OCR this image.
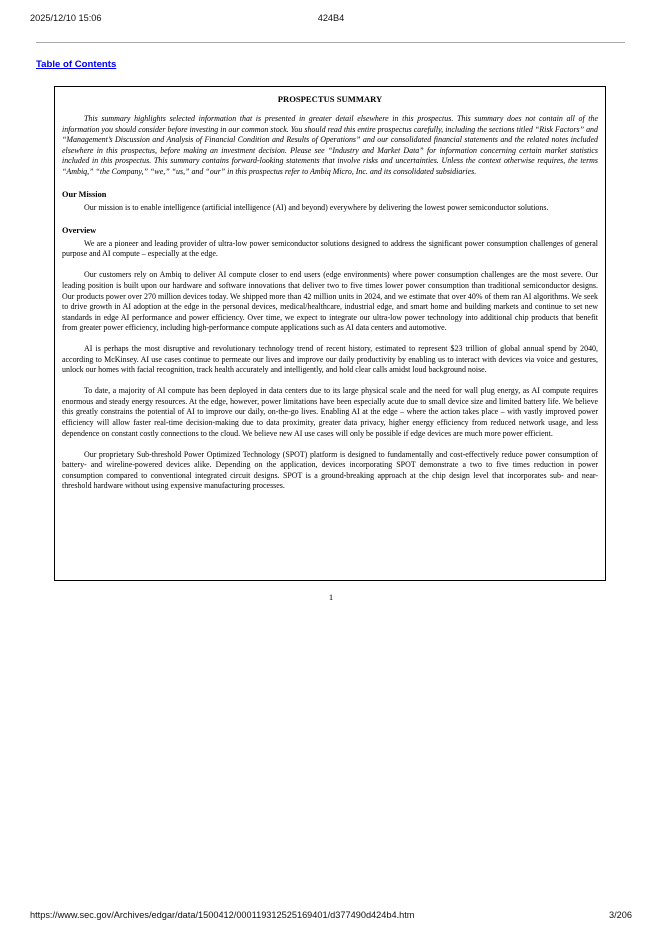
2025/12/10 15:06	424B4
Table of Contents
PROSPECTUS SUMMARY

This summary highlights selected information that is presented in greater detail elsewhere in this prospectus. This summary does not contain all of the information you should consider before investing in our common stock. You should read this entire prospectus carefully, including the sections titled “Risk Factors” and “Management’s Discussion and Analysis of Financial Condition and Results of Operations” and our consolidated financial statements and the related notes included elsewhere in this prospectus, before making an investment decision. Please see “Industry and Market Data” for information concerning certain market statistics included in this prospectus. This summary contains forward-looking statements that involve risks and uncertainties. Unless the context otherwise requires, the terms “Ambiq,” “the Company,” “we,” “us,” and “our” in this prospectus refer to Ambiq Micro, Inc. and its consolidated subsidiaries.

Our Mission

Our mission is to enable intelligence (artificial intelligence (AI) and beyond) everywhere by delivering the lowest power semiconductor solutions.

Overview

We are a pioneer and leading provider of ultra-low power semiconductor solutions designed to address the significant power consumption challenges of general purpose and AI compute – especially at the edge.

Our customers rely on Ambiq to deliver AI compute closer to end users (edge environments) where power consumption challenges are the most severe. Our leading position is built upon our hardware and software innovations that deliver two to five times lower power consumption than traditional semiconductor designs. Our products power over 270 million devices today. We shipped more than 42 million units in 2024, and we estimate that over 40% of them ran AI algorithms. We seek to drive growth in AI adoption at the edge in the personal devices, medical/healthcare, industrial edge, and smart home and building markets and continue to set new standards in edge AI performance and power efficiency. Over time, we expect to integrate our ultra-low power technology into additional chip products that benefit from greater power efficiency, including high-performance compute applications such as AI data centers and automotive.

AI is perhaps the most disruptive and revolutionary technology trend of recent history, estimated to represent $23 trillion of global annual spend by 2040, according to McKinsey. AI use cases continue to permeate our lives and improve our daily productivity by enabling us to interact with devices via voice and gestures, unlock our homes with facial recognition, track health accurately and intelligently, and hold clear calls amidst loud background noise.

To date, a majority of AI compute has been deployed in data centers due to its large physical scale and the need for wall plug energy, as AI compute requires enormous and steady energy resources. At the edge, however, power limitations have been especially acute due to small device size and limited battery life. We believe this greatly constrains the potential of AI to improve our daily, on-the-go lives. Enabling AI at the edge – where the action takes place – with vastly improved power efficiency will allow faster real-time decision-making due to data proximity, greater data privacy, higher energy efficiency from reduced network usage, and less dependence on constant costly connections to the cloud. We believe new AI use cases will only be possible if edge devices are much more power efficient.

Our proprietary Sub-threshold Power Optimized Technology (SPOT) platform is designed to fundamentally and cost-effectively reduce power consumption of battery- and wireline-powered devices alike. Depending on the application, devices incorporating SPOT demonstrate a two to five times reduction in power consumption compared to conventional integrated circuit designs. SPOT is a ground-breaking approach at the chip design level that incorporates sub- and near-threshold hardware without using expensive manufacturing processes.

1
https://www.sec.gov/Archives/edgar/data/1500412/000119312525169401/d377490d424b4.htm	3/206
